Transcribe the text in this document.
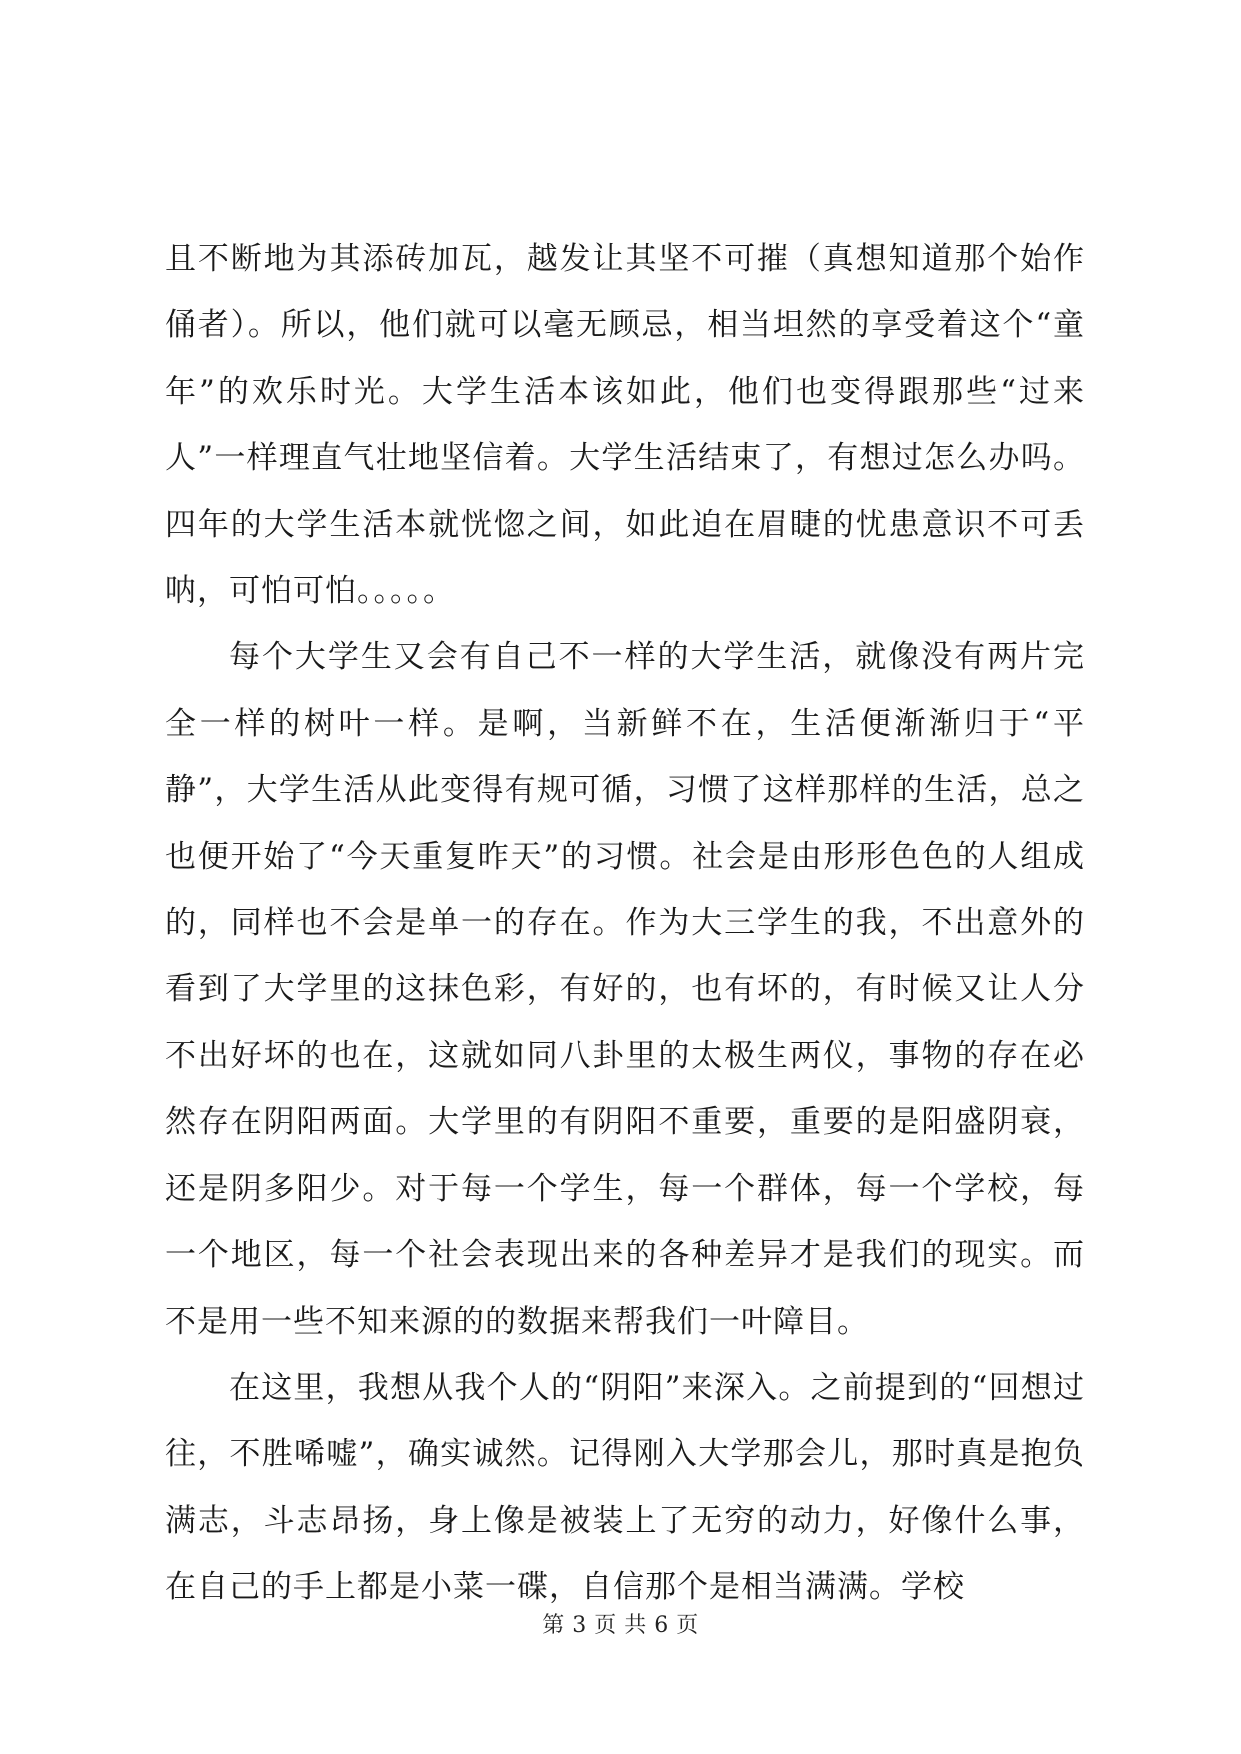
且不断地为其添砖加瓦，越发让其坚不可摧（真想知道那个始作俑者）。所以，他们就可以毫无顾忌，相当坦然的享受着这个“童年”的欢乐时光。大学生活本该如此，他们也变得跟那些“过来人”一样理直气壮地坚信着。大学生活结束了，有想过怎么办吗。四年的大学生活本就恍惚之间，如此迫在眉睫的忧患意识不可丢呐，可怕可怕。。。。。

每个大学生又会有自己不一样的大学生活，就像没有两片完全一样的树叶一样。是啊，当新鲜不在，生活便渐渐归于“平静”，大学生活从此变得有规可循，习惯了这样那样的生活，总之也便开始了“今天重复昨天”的习惯。社会是由形形色色的人组成的，同样也不会是单一的存在。作为大三学生的我，不出意外的看到了大学里的这抹色彩，有好的，也有坏的，有时候又让人分不出好坏的也在，这就如同八卦里的太极生两仪，事物的存在必然存在阴阳两面。大学里的有阴阳不重要，重要的是阳盛阴衰，还是阴多阳少。对于每一个学生，每一个群体，每一个学校，每一个地区，每一个社会表现出来的各种差异才是我们的现实。而不是用一些不知来源的的数据来帮我们一叶障目。

在这里，我想从我个人的“阴阳”来深入。之前提到的“回想过往，不胜唏嘘”，确实诚然。记得刚入大学那会儿，那时真是抱负满志，斗志昂扬，身上像是被装上了无穷的动力，好像什么事，在自己的手上都是小菜一碟，自信那个是相当满满。学校

第 3 页 共 6 页
